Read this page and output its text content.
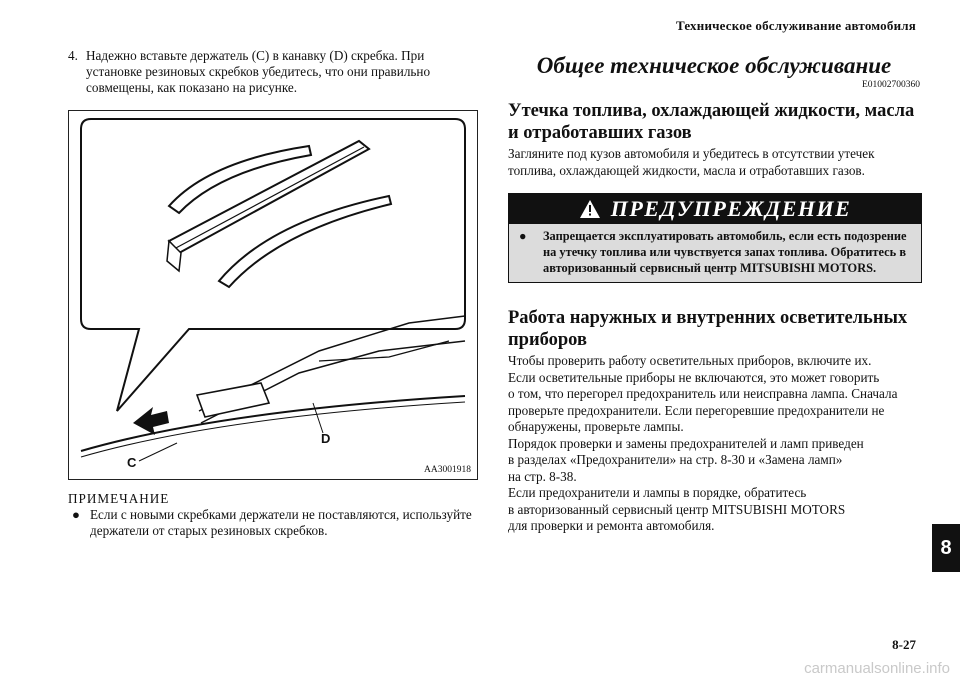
Техническое обслуживание автомобиля
4. Надежно вставьте держатель (C) в канавку (D) скребка. При установке резиновых скребков убедитесь, что они правильно совмещены, как показано на рисунке.
C
D
AA3001918
ПРИМЕЧАНИЕ
● Если с новыми скребками держатели не поставляются, используйте держатели от старых резиновых скребков.
Общее техническое обслуживание
E01002700360
Утечка топлива, охлаждающей жидкости, масла и отработавших газов

Загляните под кузов автомобиля и убедитесь в отсутствии утечек топлива, охлаждающей жидкости, масла и отработавших газов.

ПРЕДУПРЕЖДЕНИЕ
●	Запрещается эксплуатировать автомобиль, если есть подозрение на утечку топлива или чувствуется запах топлива. Обратитесь в авторизованный сервисный центр MITSUBISHI MOTORS.
Работа наружных и внутренних осветительных приборов

Чтобы проверить работу осветительных приборов, включите их.

Если осветительные приборы не включаются, это может говорить

о том, что перегорел предохранитель или неисправна лампа. Сначала

проверьте предохранители. Если перегоревшие предохранители не

обнаружены, проверьте лампы.

Порядок проверки и замены предохранителей и ламп приведен

в разделах «Предохранители» на стр. 8-30 и «Замена ламп»

на стр. 8-38.

Если предохранители и лампы в порядке, обратитесь

в авторизованный сервисный центр MITSUBISHI MOTORS

для проверки и ремонта автомобиля.

8
8-27
carmanualsonline.info
